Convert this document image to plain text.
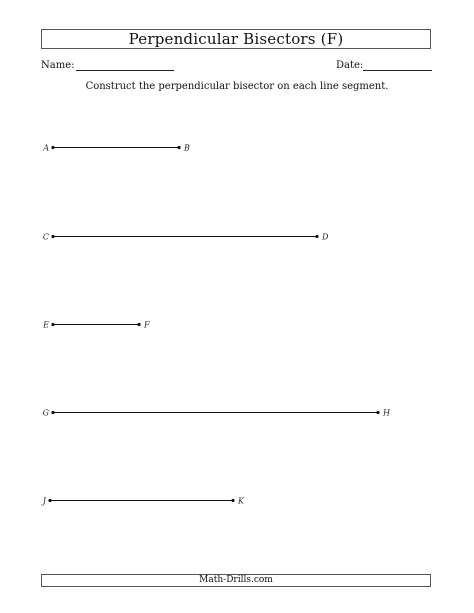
Perpendicular Bisectors (F)
Name:	Date:
Construct the perpendicular bisector on each line segment.
A	B
C	D
E	F
G	H
J	K
Math-Drills.com
